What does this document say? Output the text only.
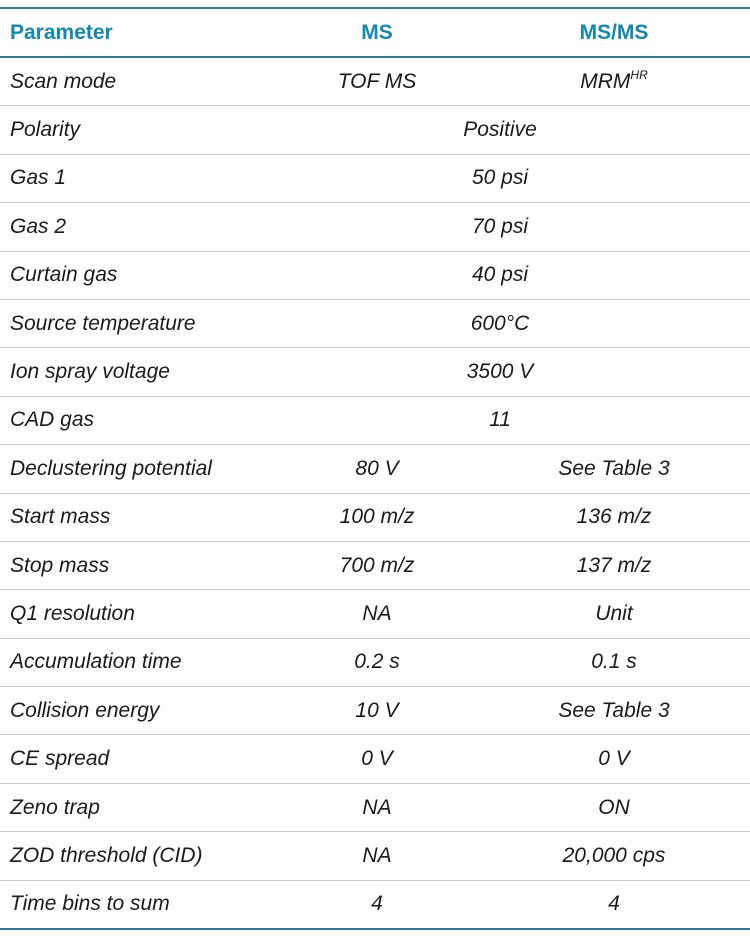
Parameter	MS	MS/MS
Scan mode	TOF MS	$MRM^{HR}$
Polarity	Positive	
Gas 1	50 psi	
Gas 2	70 psi	
Curtain gas	40 psi	
Source temperature	600°C	
Ion spray voltage	3500 V	
CAD gas	11	
Declustering potential	80 V	See Table 3
Start mass	100 m/z	136 m/z
Stop mass	700 m/z	137 m/z
Q1 resolution	NA	Unit
Accumulation time	0.2 s	0.1 s
Collision energy	10 V	See Table 3
CE spread	0 V	0 V
Zeno trap	NA	ON
ZOD threshold (CID)	NA	20,000 cps
Time bins to sum	4	4
